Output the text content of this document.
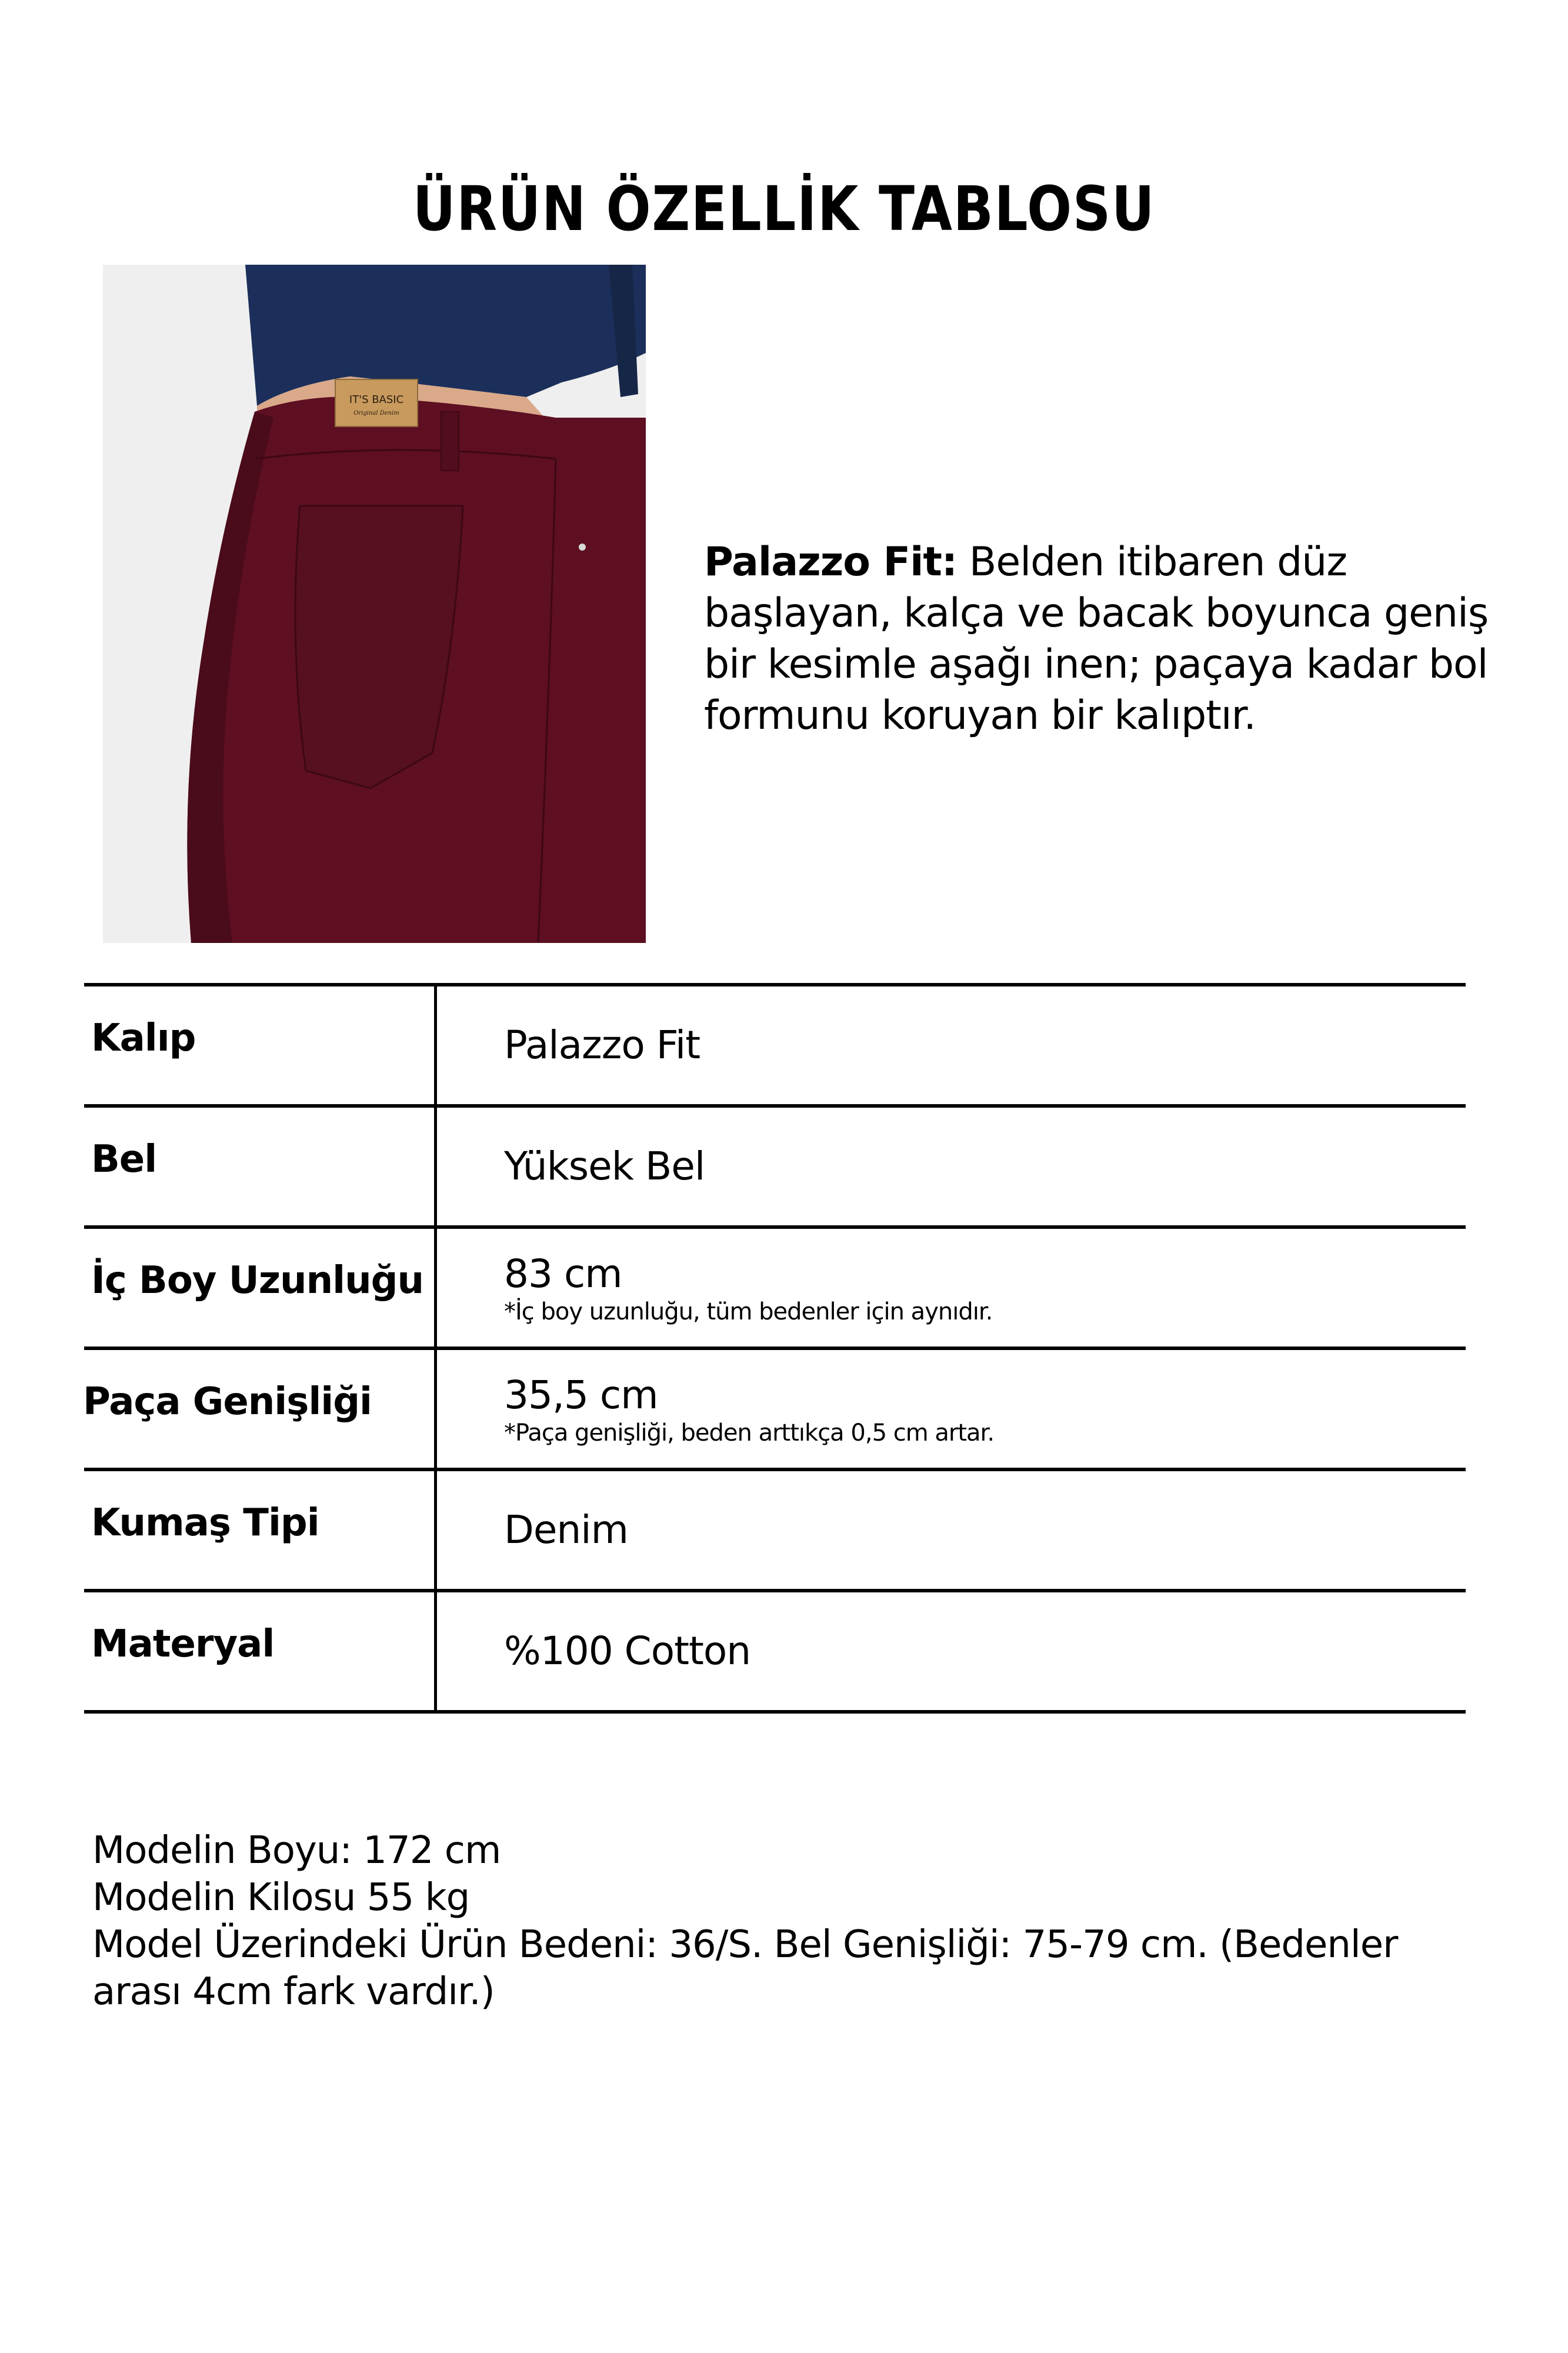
ÜRÜN ÖZELLİK TABLOSU
IT'S BASIC
Original Denim
Palazzo Fit: Belden itibaren düz başlayan, kalça ve bacak boyunca geniş bir kesimle aşağı inen; paçaya kadar bol formunu koruyan bir kalıptır.
Kalıp	Palazzo Fit
Bel	Yüksek Bel
İç Boy Uzunluğu 83 cm
*İç boy uzunluğu, tüm bedenler için aynıdır.
Paça Genişliği	35,5 cm
*Paça genişliği, beden arttıkça 0,5 cm artar.
Kumaş Tipi	Denim
Materyal	%100 Cotton
Modelin Boyu: 172 cm
Modelin Kilosu 55 kg
Model Üzerindeki Ürün Bedeni: 36/S. Bel Genişliği: 75-79 cm. (Bedenler
arası 4cm fark vardır.)
